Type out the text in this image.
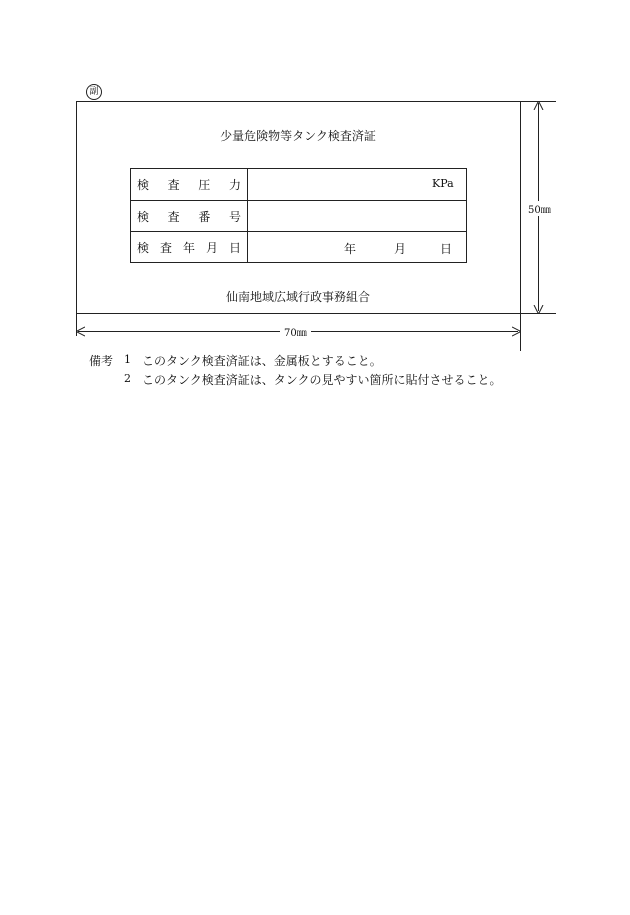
副
少量危険物等タンク検査済証
検 査 圧 力	KPa
検 査 番 号
検 査 年 月 日	年	月	日
仙南地域広域行政事務組合
50㎜
70㎜
備考 1 このタンク検査済証は、金属板とすること。
2 このタンク検査済証は、タンクの見やすい箇所に貼付させること。
